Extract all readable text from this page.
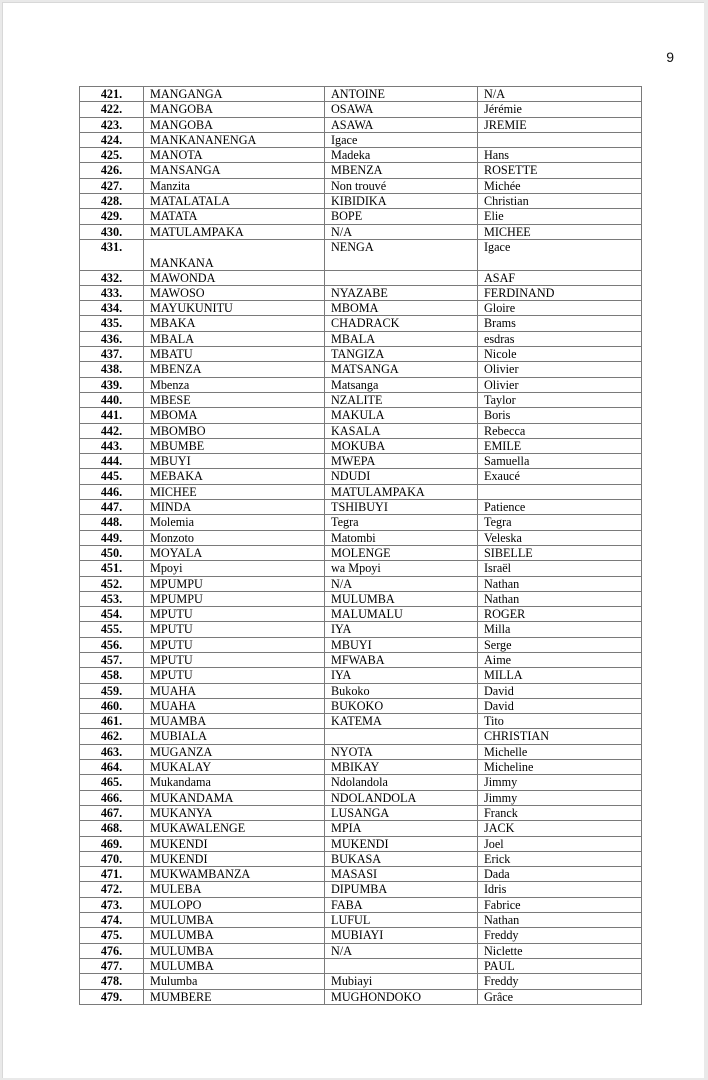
9
421.	MANGANGA	ANTOINE	N/A
422.	MANGOBA	OSAWA	Jérémie
423.	MANGOBA	ASAWA	JREMIE
424.	MANKANANENGA	Igace	
425.	MANOTA	Madeka	Hans
426.	MANSANGA	MBENZA	ROSETTE
427.	Manzita	Non trouvé	Michée
428.	MATALATALA	KIBIDIKA	Christian
429.	MATATA	BOPE	Elie
430.	MATULAMPAKA	N/A	MICHEE
431.	MANKANA	NENGA	Igace
432.	MAWONDA		ASAF
433.	MAWOSO	NYAZABE	FERDINAND
434.	MAYUKUNITU	MBOMA	Gloire
435.	MBAKA	CHADRACK	Brams
436.	MBALA	MBALA	esdras
437.	MBATU	TANGIZA	Nicole
438.	MBENZA	MATSANGA	Olivier
439.	Mbenza	Matsanga	Olivier
440.	MBESE	NZALITE	Taylor
441.	MBOMA	MAKULA	Boris
442.	MBOMBO	KASALA	Rebecca
443.	MBUMBE	MOKUBA	EMILE
444.	MBUYI	MWEPA	Samuella
445.	MEBAKA	NDUDI	Exaucé
446.	MICHEE	MATULAMPAKA	
447.	MINDA	TSHIBUYI	Patience
448.	Molemia	Tegra	Tegra
449.	Monzoto	Matombi	Veleska
450.	MOYALA	MOLENGE	SIBELLE
451.	Mpoyi	wa Mpoyi	Israël
452.	MPUMPU	N/A	Nathan
453.	MPUMPU	MULUMBA	Nathan
454.	MPUTU	MALUMALU	ROGER
455.	MPUTU	IYA	Milla
456.	MPUTU	MBUYI	Serge
457.	MPUTU	MFWABA	Aime
458.	MPUTU	IYA	MILLA
459.	MUAHA	Bukoko	David
460.	MUAHA	BUKOKO	David
461.	MUAMBA	KATEMA	Tito
462.	MUBIALA		CHRISTIAN
463.	MUGANZA	NYOTA	Michelle
464.	MUKALAY	MBIKAY	Micheline
465.	Mukandama	Ndolandola	Jimmy
466.	MUKANDAMA	NDOLANDOLA	Jimmy
467.	MUKANYA	LUSANGA	Franck
468.	MUKAWALENGE	MPIA	JACK
469.	MUKENDI	MUKENDI	Joel
470.	MUKENDI	BUKASA	Erick
471.	MUKWAMBANZA	MASASI	Dada
472.	MULEBA	DIPUMBA	Idris
473.	MULOPO	FABA	Fabrice
474.	MULUMBA	LUFUL	Nathan
475.	MULUMBA	MUBIAYI	Freddy
476.	MULUMBA	N/A	Niclette
477.	MULUMBA		PAUL
478.	Mulumba	Mubiayi	Freddy
479.	MUMBERE	MUGHONDOKO	Grâce
